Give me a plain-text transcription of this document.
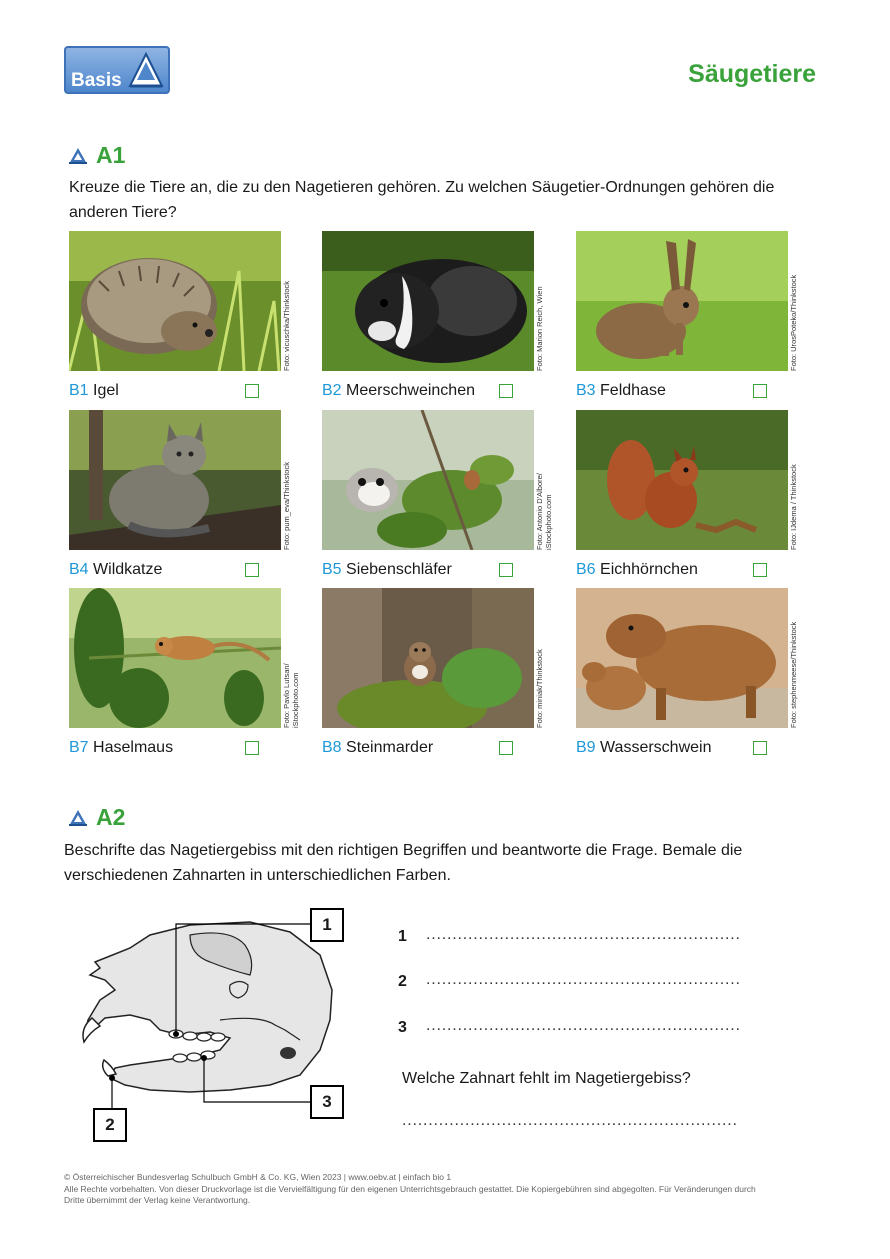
Basis	Säugetiere
A1
Kreuze die Tiere an, die zu den Nagetieren gehören. Zu welchen Säugetier-Ordnungen gehören die anderen Tiere?
Foto: vicuschka/Thinkstock	Foto: Marion Reich, Wien	Foto: UrosPoteko/Thinkstock
B1 Igel	B2 Meerschweinchen	B3 Feldhase
Foto: pum_eva/Thinkstock	Foto: Antonio D'Albore/
iStockphoto.com	Foto: IJdema / Thinkstock
B4 Wildkatze	B5 Siebenschläfer	B6 Eichhörnchen
Foto: Pavlo Lutsan/
iStockphoto.com	Foto: miniak/Thinkstock	Foto: stephenmeese/Thinkstock
B7 Haselmaus	B8 Steinmarder	B9 Wasserschwein
A2
Beschrifte das Nagetiergebiss mit den richtigen Begriffen und beantworte die Frage. Bemale die verschiedenen Zahnarten in unterschiedlichen Farben.
1
2
3
1 ............................................................
2 ............................................................
3 ............................................................
Welche Zahnart fehlt im Nagetiergebiss?
................................................................
© Österreichischer Bundesverlag Schulbuch GmbH & Co. KG, Wien 2023 | www.oebv.at | einfach bio 1
Alle Rechte vorbehalten. Von dieser Druckvorlage ist die Vervielfältigung für den eigenen Unterrichtsgebrauch gestattet. Die Kopiergebühren sind abgegolten. Für Veränderungen durch
Dritte übernimmt der Verlag keine Verantwortung.
